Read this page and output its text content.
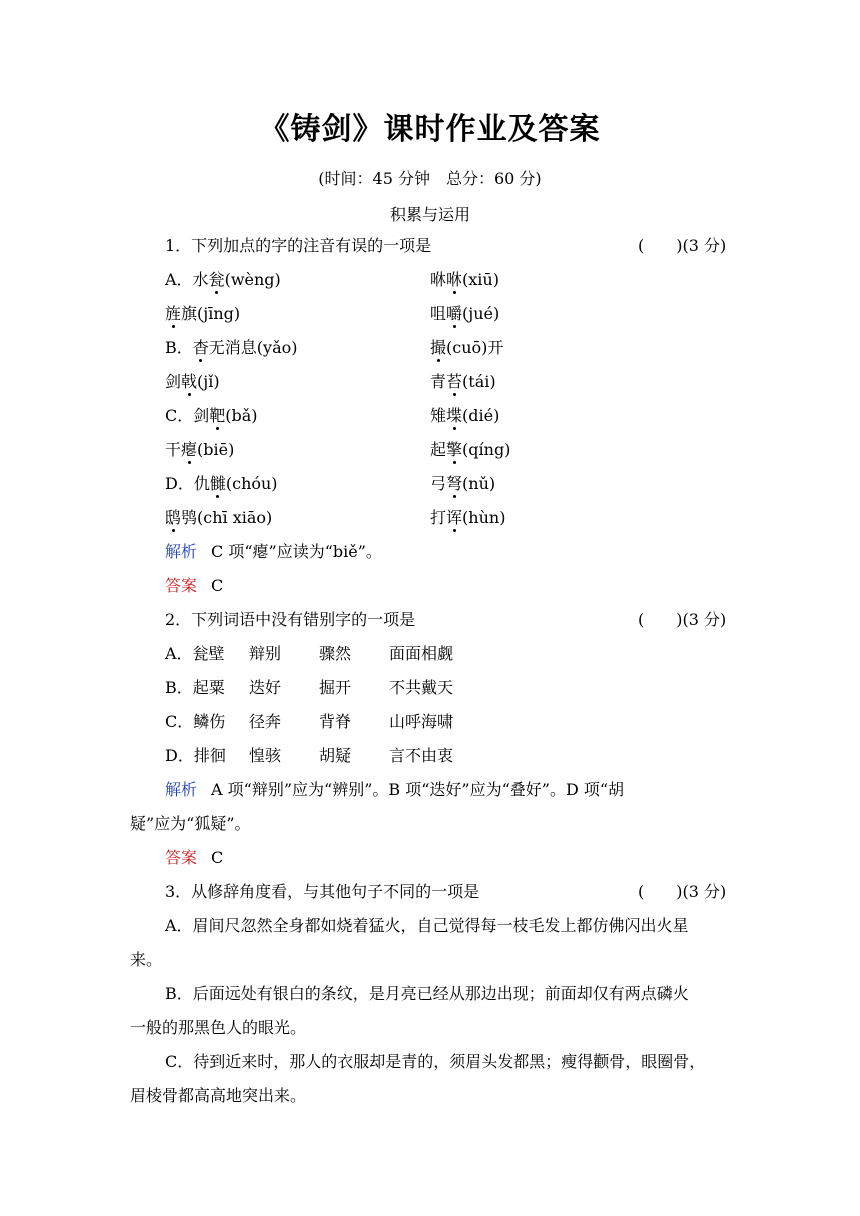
《铸剑》课时作业及答案
(时间：45 分钟　总分：60 分)
积累与运用
1．下列加点的字的注音有误的一项是	(　　)(3 分)
A．水瓮(wèng)	咻咻(xiū)
旌旗(jīng)	咀嚼(jué)
B．杳无消息(yǎo)	撮(cuō)开
剑戟(jǐ)	青苔(tái)
C．剑靶(bǎ)	雉堞(dié)
干瘪(biē)	起擎(qíng)
D．仇雠(chóu)	弓弩(nǔ)
鸱鸮(chī xiāo)	打诨(hùn)
解析 C 项“瘪”应读为“biě”。
答案 C
2．下列词语中没有错别字的一项是	(　　)(3 分)
A．瓮壁 辩别 骤然 面面相觑
B．起粟 迭好 掘开 不共戴天
C．鳞伤 径奔 背脊 山呼海啸
D．排徊 惶骇 胡疑 言不由衷
解析 A 项“辩别”应为“辨别”。B 项“迭好”应为“叠好”。D 项“胡
疑”应为“狐疑”。
答案 C
3．从修辞角度看，与其他句子不同的一项是	(　　)(3 分)
A．眉间尺忽然全身都如烧着猛火，自己觉得每一枝毛发上都仿佛闪出火星
来。
B．后面远处有银白的条纹，是月亮已经从那边出现；前面却仅有两点磷火
一般的那黑色人的眼光。
C．待到近来时，那人的衣服却是青的，须眉头发都黑；瘦得颧骨，眼圈骨，
眉棱骨都高高地突出来。
